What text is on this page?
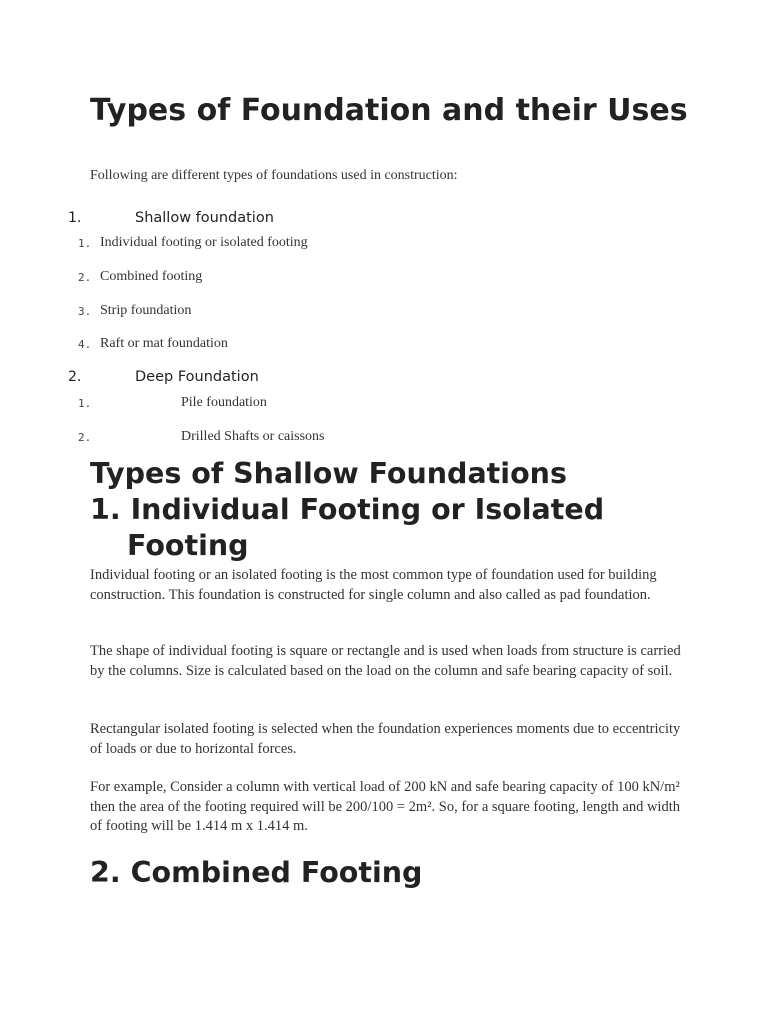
Types of Foundation and their Uses

Following are different types of foundations used in construction:

1.	Shallow foundation
1. Individual footing or isolated footing
2. Combined footing
3. Strip foundation
4. Raft or mat foundation
2.	Deep Foundation
1.	Pile foundation
2.	Drilled Shafts or caissons
Types of Shallow Foundations
1. Individual Footing or Isolated
Footing

Individual footing or an isolated footing is the most common type of foundation used for building construction. This foundation is constructed for single column and also called as pad foundation.

The shape of individual footing is square or rectangle and is used when loads from structure is carried by the columns. Size is calculated based on the load on the column and safe bearing capacity of soil.

Rectangular isolated footing is selected when the foundation experiences moments due to eccentricity of loads or due to horizontal forces.

For example, Consider a column with vertical load of 200 kN and safe bearing capacity of 100 kN/m² then the area of the footing required will be 200/100 = 2m². So, for a square footing, length and width of footing will be 1.414 m x 1.414 m.

2. Combined Footing
